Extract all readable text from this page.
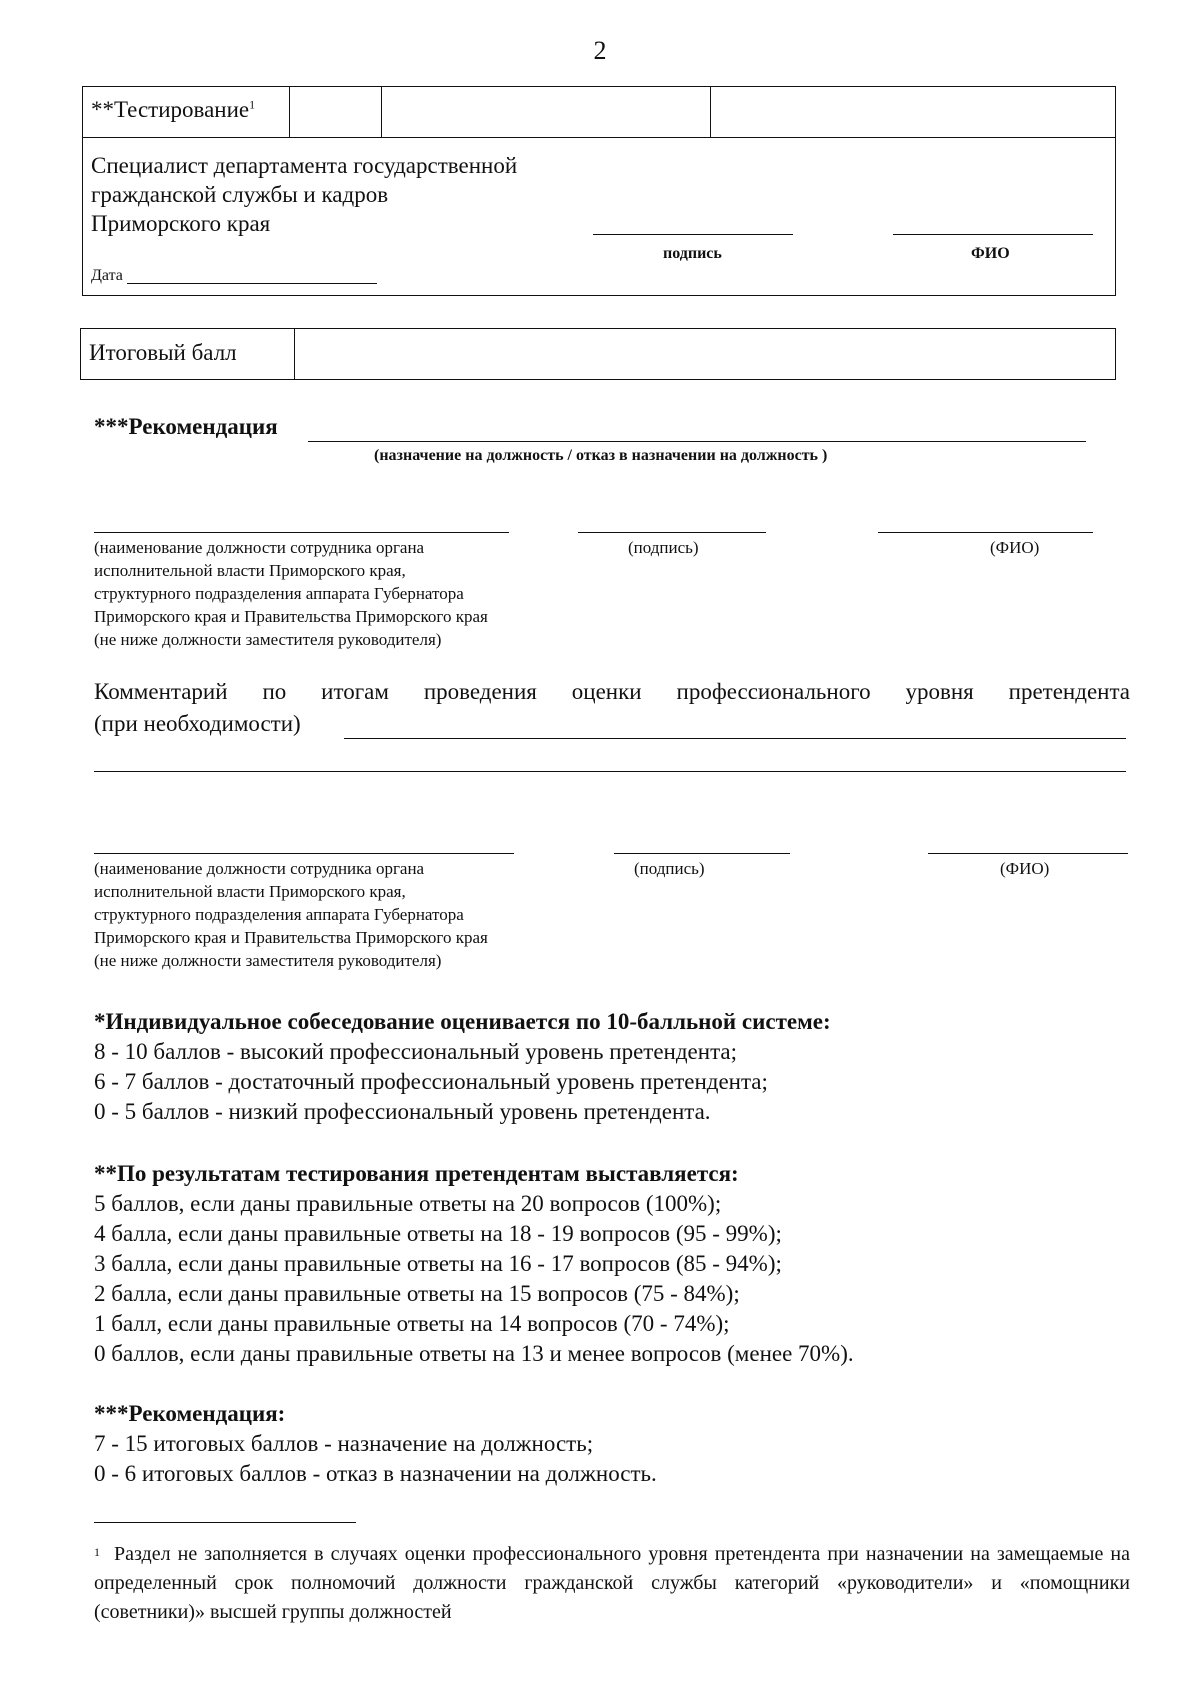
2
**Тестирование$^1$
Специалист департамента государственной
гражданской службы и кадров
Приморского края
подпись	ФИО
Дата
Итоговый балл
***Рекомендация
(назначение на должность / отказ в назначении на должность )
(наименование должности сотрудника органа
исполнительной власти Приморского края,
структурного подразделения аппарата Губернатора
Приморского края и Правительства Приморского края
(не ниже должности заместителя руководителя)
(подпись)	(ФИО)
Комментарий по итогам проведения оценки профессионального уровня претендента
(при необходимости)
(наименование должности сотрудника органа
исполнительной власти Приморского края,
структурного подразделения аппарата Губернатора
Приморского края и Правительства Приморского края
(не ниже должности заместителя руководителя)
(подпись)	(ФИО)
*Индивидуальное собеседование оценивается по 10-балльной системе:
8 - 10 баллов - высокий профессиональный уровень претендента;
6 - 7 баллов - достаточный профессиональный уровень претендента;
0 - 5 баллов - низкий профессиональный уровень претендента.
**По результатам тестирования претендентам выставляется:
5 баллов, если даны правильные ответы на 20 вопросов (100%);
4 балла, если даны правильные ответы на 18 - 19 вопросов (95 - 99%);
3 балла, если даны правильные ответы на 16 - 17 вопросов (85 - 94%);
2 балла, если даны правильные ответы на 15 вопросов (75 - 84%);
1 балл, если даны правильные ответы на 14 вопросов (70 - 74%);
0 баллов, если даны правильные ответы на 13 и менее вопросов (менее 70%).
***Рекомендация:
7 - 15 итоговых баллов - назначение на должность;
0 - 6 итоговых баллов - отказ в назначении на должность.
$^1$ Раздел не заполняется в случаях оценки профессионального уровня претендента при назначении на замещаемые на определенный срок полномочий должности гражданской службы категорий «руководители» и «помощники (советники)» высшей группы должностей
